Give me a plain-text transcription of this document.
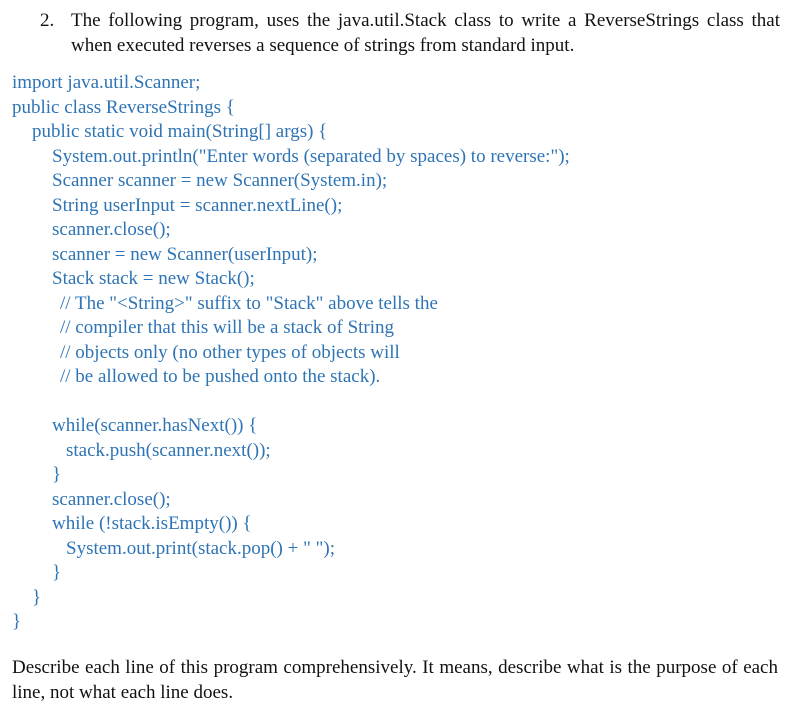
2. The following program, uses the java.util.Stack class to write a ReverseStrings class that when executed reverses a sequence of strings from standard input.
import java.util.Scanner;
public class ReverseStrings {
public static void main(String[] args) {
System.out.println("Enter words (separated by spaces) to reverse:");
Scanner scanner = new Scanner(System.in);
String userInput = scanner.nextLine();
scanner.close();
scanner = new Scanner(userInput);
Stack stack = new Stack();
// The "<String>" suffix to "Stack" above tells the
// compiler that this will be a stack of String
// objects only (no other types of objects will
// be allowed to be pushed onto the stack).
while(scanner.hasNext()) {
stack.push(scanner.next());
}
scanner.close();
while (!stack.isEmpty()) {
System.out.print(stack.pop() + " ");
}
}
}
Describe each line of this program comprehensively. It means, describe what is the purpose of each line, not what each line does.
